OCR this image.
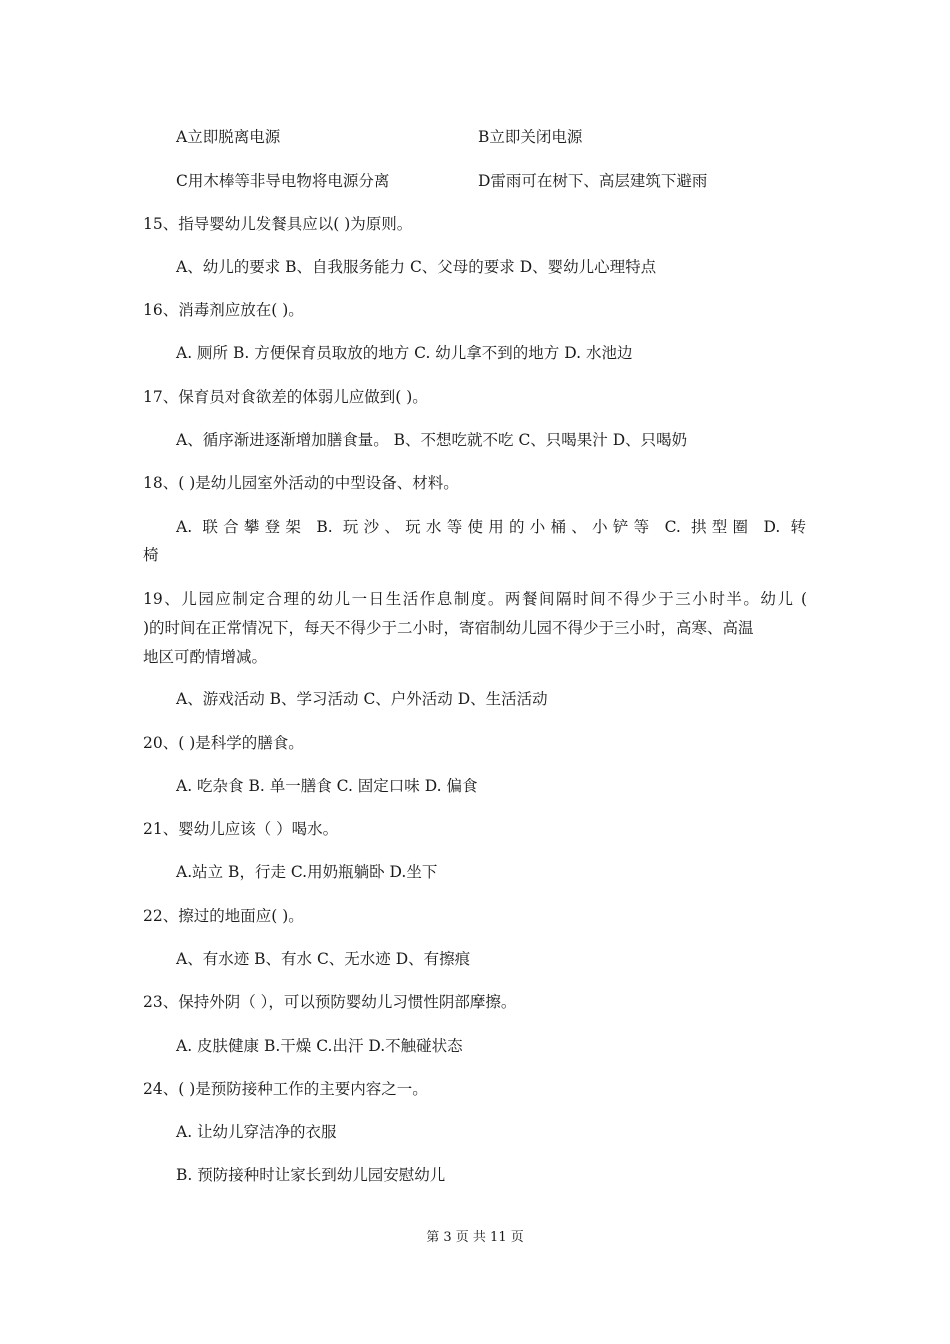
A立即脱离电源	B立即关闭电源
C用木棒等非导电物将电源分离	D雷雨可在树下、高层建筑下避雨
15、指导婴幼儿发餐具应以( )为原则。
A、幼儿的要求 B、自我服务能力 C、父母的要求 D、婴幼儿心理特点
16、消毒剂应放在( )。
A. 厕所 B. 方便保育员取放的地方 C. 幼儿拿不到的地方 D. 水池边
17、保育员对食欲差的体弱儿应做到( )。
A、循序渐进逐渐增加膳食量。 B、不想吃就不吃 C、只喝果汁 D、只喝奶
18、( )是幼儿园室外活动的中型设备、材料。
A. 联合攀登架 B. 玩沙、玩水等使用的小桶、小铲等 C. 拱型圈 D. 转
椅
19、儿园应制定合理的幼儿一日生活作息制度。两餐间隔时间不得少于三小时半。幼儿 (
)的时间在正常情况下，每天不得少于二小时，寄宿制幼儿园不得少于三小时，高寒、高温
地区可酌情增减。
A、游戏活动 B、学习活动 C、户外活动 D、生活活动
20、( )是科学的膳食。
A. 吃杂食 B. 单一膳食 C. 固定口味 D. 偏食
21、婴幼儿应该（ ）喝水。
A.站立 B，行走 C.用奶瓶躺卧 D.坐下
22、擦过的地面应( )。
A、有水迹 B、有水 C、无水迹 D、有擦痕
23、保持外阴（ ），可以预防婴幼儿习惯性阴部摩擦。
A. 皮肤健康 B.干燥 C.出汗 D.不触碰状态
24、( )是预防接种工作的主要内容之一。
A. 让幼儿穿洁净的衣服
B. 预防接种时让家长到幼儿园安慰幼儿
第 3 页 共 11 页
